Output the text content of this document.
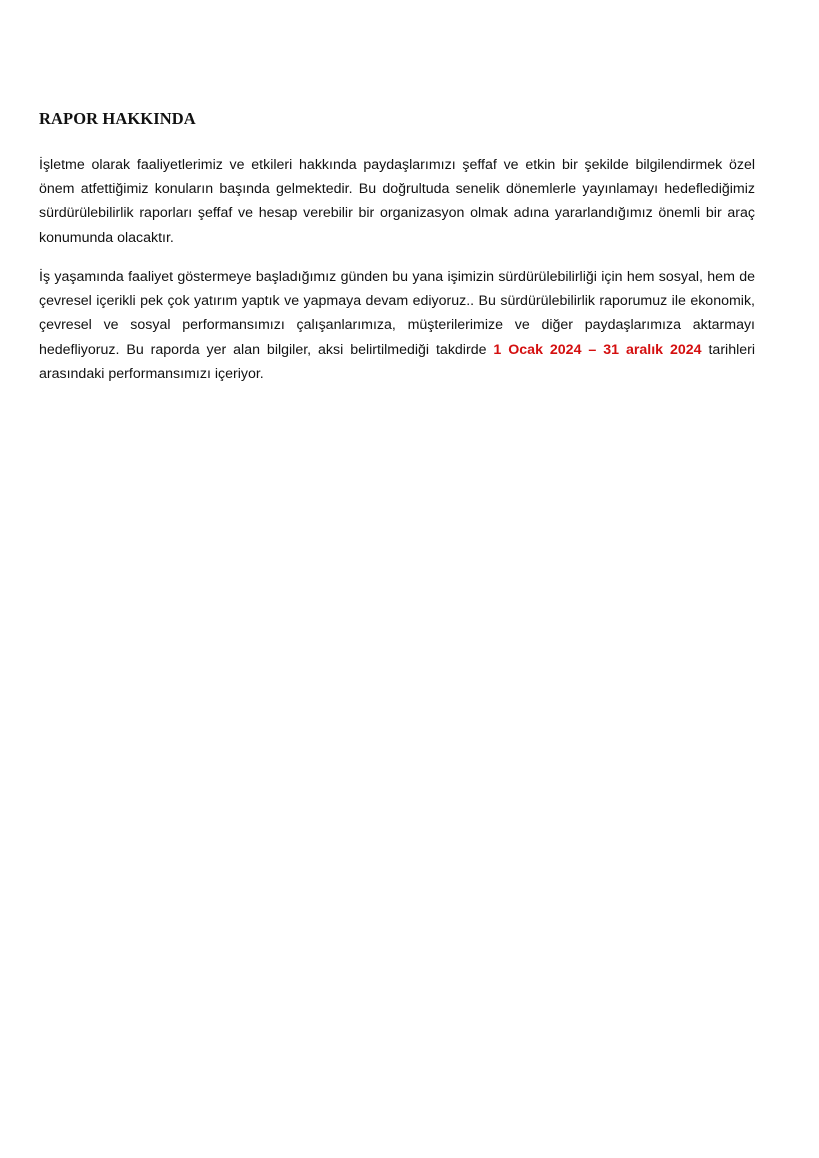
RAPOR HAKKINDA

İşletme olarak faaliyetlerimiz ve etkileri hakkında paydaşlarımızı şeffaf ve etkin bir şekilde bilgilendirmek özel önem atfettiğimiz konuların başında gelmektedir. Bu doğrultuda senelik dönemlerle yayınlamayı hedeflediğimiz sürdürülebilirlik raporları şeffaf ve hesap verebilir bir organizasyon olmak adına yararlandığımız önemli bir araç konumunda olacaktır.

İş yaşamında faaliyet göstermeye başladığımız günden bu yana işimizin sürdürülebilirliği için hem sosyal, hem de çevresel içerikli pek çok yatırım yaptık ve yapmaya devam ediyoruz.. Bu sürdürülebilirlik raporumuz ile ekonomik, çevresel ve sosyal performansımızı çalışanlarımıza, müşterilerimize ve diğer paydaşlarımıza aktarmayı hedefliyoruz. Bu raporda yer alan bilgiler, aksi belirtilmediği takdirde 1 Ocak 2024 – 31 aralık 2024 tarihleri arasındaki performansımızı içeriyor.
